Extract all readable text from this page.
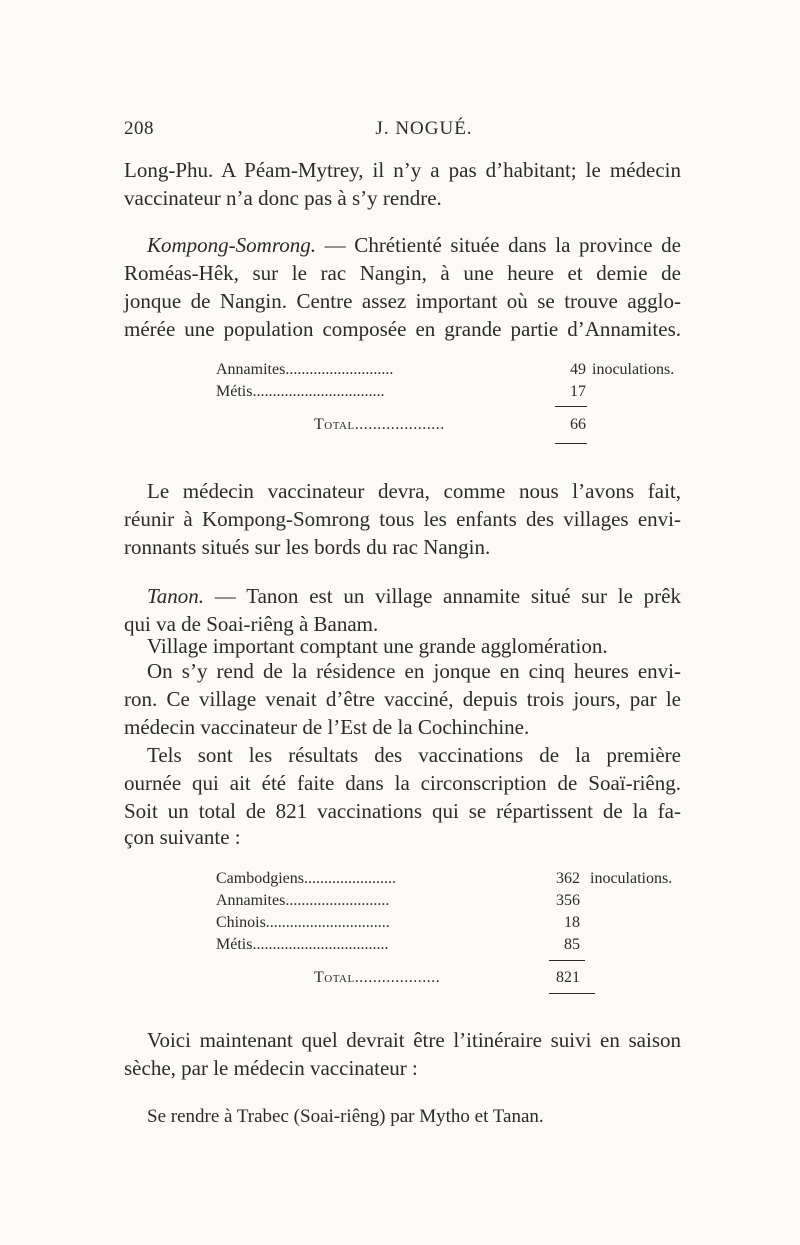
208	J. NOGUÉ.
Long-Phu. A Péam-Mytrey, il n’y a pas d’habitant; le médecin
vaccinateur n’a donc pas à s’y rendre.
Kompong-Somrong. — Chrétienté située dans la province de
Roméas-Hêk, sur le rac Nangin, à une heure et demie de
jonque de Nangin. Centre assez important où se trouve agglo-
mérée une population composée en grande partie d’Annamites.
Annamites...........................	49 inoculations.
Métis.................................	17
Total....................	66
Le médecin vaccinateur devra, comme nous l’avons fait,
réunir à Kompong-Somrong tous les enfants des villages envi-
ronnants situés sur les bords du rac Nangin.
Tanon. — Tanon est un village annamite situé sur le prêk
qui va de Soai-riêng à Banam.
Village important comptant une grande agglomération.
On s’y rend de la résidence en jonque en cinq heures envi-
ron. Ce village venait d’être vacciné, depuis trois jours, par le
médecin vaccinateur de l’Est de la Cochinchine.
Tels sont les résultats des vaccinations de la première
ournée qui ait été faite dans la circonscription de Soaï-riêng.
Soit un total de 821 vaccinations qui se répartissent de la fa-
çon suivante :
Cambodgiens.......................	362 inoculations.
Annamites..........................	356
Chinois...............................	18
Métis..................................	85
Total...................	821
Voici maintenant quel devrait être l’itinéraire suivi en saison
sèche, par le médecin vaccinateur :
Se rendre à Trabec (Soai-riêng) par Mytho et Tanan.
